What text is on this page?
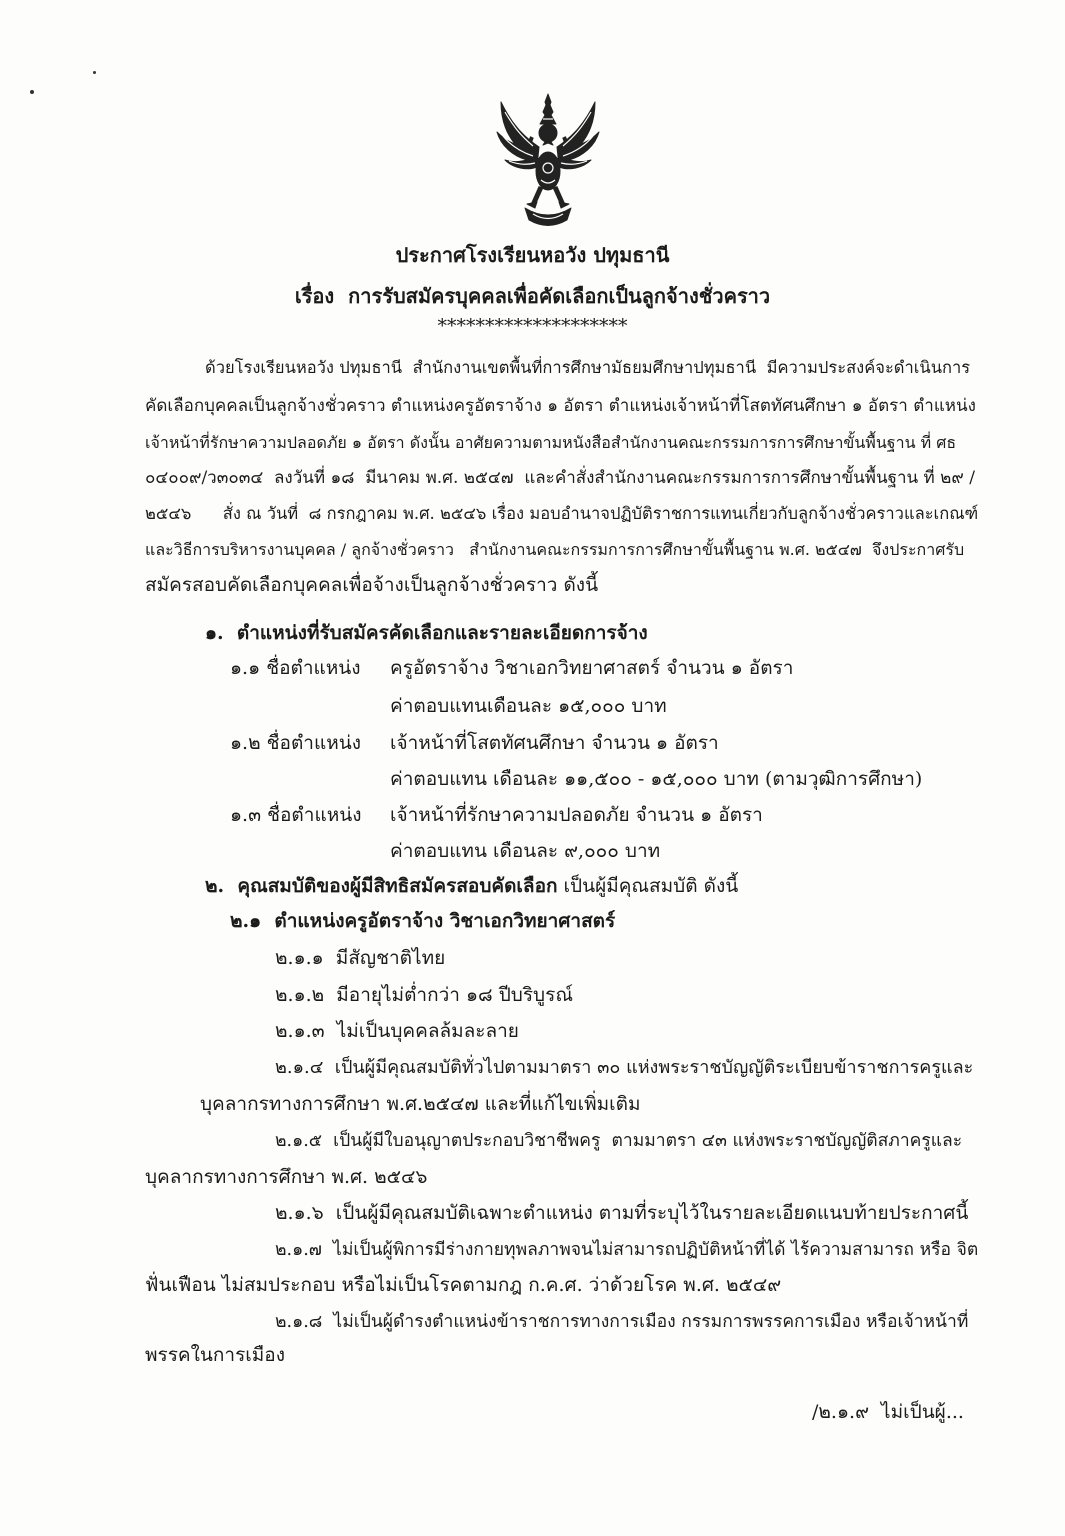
ประกาศโรงเรียนหอวัง ปทุมธานี
เรื่อง  การรับสมัครบุคคลเพื่อคัดเลือกเป็นลูกจ้างชั่วคราว
********************
ด้วยโรงเรียนหอวัง ปทุมธานี  สำนักงานเขตพื้นที่การศึกษามัธยมศึกษาปทุมธานี  มีความประสงค์จะดำเนินการ
คัดเลือกบุคคลเป็นลูกจ้างชั่วคราว ตำแหน่งครูอัตราจ้าง ๑ อัตรา ตำแหน่งเจ้าหน้าที่โสตทัศนศึกษา ๑ อัตรา ตำแหน่ง
เจ้าหน้าที่รักษาความปลอดภัย ๑ อัตรา ดังนั้น อาศัยความตามหนังสือสำนักงานคณะกรรมการการศึกษาขั้นพื้นฐาน ที่ ศธ
๐๔๐๐๙/ว๓๐๓๔  ลงวันที่ ๑๘  มีนาคม พ.ศ. ๒๕๔๗  และคำสั่งสำนักงานคณะกรรมการการศึกษาขั้นพื้นฐาน ที่ ๒๙ /
๒๕๔๖      สั่ง ณ วันที่  ๘ กรกฎาคม พ.ศ. ๒๕๔๖ เรื่อง มอบอำนาจปฏิบัติราชการแทนเกี่ยวกับลูกจ้างชั่วคราวและเกณฑ์
และวิธีการบริหารงานบุคคล / ลูกจ้างชั่วคราว   สำนักงานคณะกรรมการการศึกษาขั้นพื้นฐาน พ.ศ. ๒๕๔๗  จึงประกาศรับ
สมัครสอบคัดเลือกบุคคลเพื่อจ้างเป็นลูกจ้างชั่วคราว ดังนี้
๑.  ตำแหน่งที่รับสมัครคัดเลือกและรายละเอียดการจ้าง
๑.๑ ชื่อตำแหน่ง	ครูอัตราจ้าง วิชาเอกวิทยาศาสตร์ จำนวน ๑ อัตรา
ค่าตอบแทนเดือนละ ๑๕,๐๐๐ บาท
๑.๒ ชื่อตำแหน่ง	เจ้าหน้าที่โสตทัศนศึกษา จำนวน ๑ อัตรา
ค่าตอบแทน เดือนละ ๑๑,๕๐๐ - ๑๕,๐๐๐ บาท (ตามวุฒิการศึกษา)
๑.๓ ชื่อตำแหน่ง	เจ้าหน้าที่รักษาความปลอดภัย จำนวน ๑ อัตรา
ค่าตอบแทน เดือนละ ๙,๐๐๐ บาท
๒.  คุณสมบัติของผู้มีสิทธิสมัครสอบคัดเลือก เป็นผู้มีคุณสมบัติ ดังนี้
๒.๑  ตำแหน่งครูอัตราจ้าง วิชาเอกวิทยาศาสตร์
๒.๑.๑  มีสัญชาติไทย
๒.๑.๒  มีอายุไม่ต่ำกว่า ๑๘ ปีบริบูรณ์
๒.๑.๓  ไม่เป็นบุคคลล้มละลาย
๒.๑.๔  เป็นผู้มีคุณสมบัติทั่วไปตามมาตรา ๓๐ แห่งพระราชบัญญัติระเบียบข้าราชการครูและ
บุคลากรทางการศึกษา พ.ศ.๒๕๔๗ และที่แก้ไขเพิ่มเติม
๒.๑.๕  เป็นผู้มีใบอนุญาตประกอบวิชาชีพครู  ตามมาตรา ๔๓ แห่งพระราชบัญญัติสภาครูและ
บุคลากรทางการศึกษา พ.ศ. ๒๕๔๖
๒.๑.๖  เป็นผู้มีคุณสมบัติเฉพาะตำแหน่ง ตามที่ระบุไว้ในรายละเอียดแนบท้ายประกาศนี้
๒.๑.๗  ไม่เป็นผู้พิการมีร่างกายทุพลภาพจนไม่สามารถปฏิบัติหน้าที่ได้ ไร้ความสามารถ หรือ จิต
ฟั่นเฟือน ไม่สมประกอบ หรือไม่เป็นโรคตามกฎ ก.ค.ศ. ว่าด้วยโรค พ.ศ. ๒๕๔๙
๒.๑.๘  ไม่เป็นผู้ดำรงตำแหน่งข้าราชการทางการเมือง กรรมการพรรคการเมือง หรือเจ้าหน้าที่
พรรคในการเมือง
/๒.๑.๙  ไม่เป็นผู้...
